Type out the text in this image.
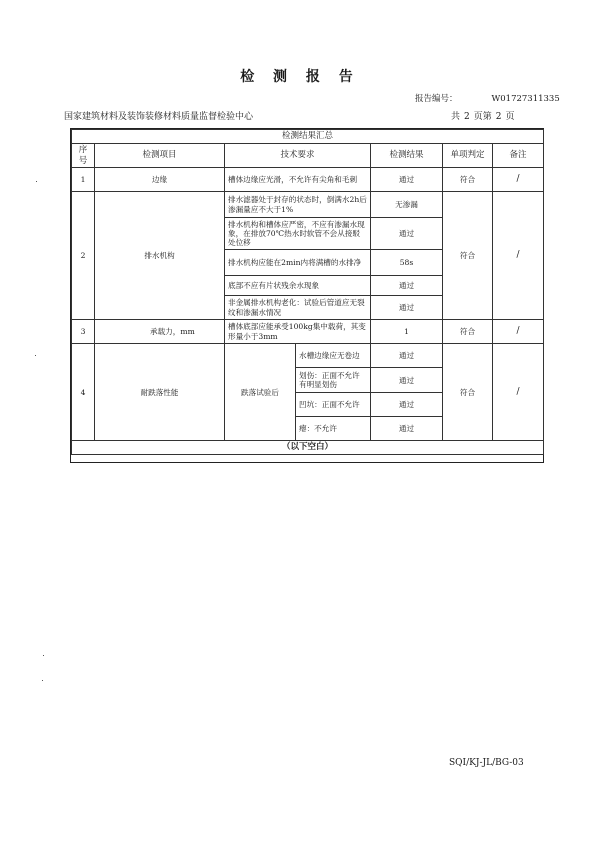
检 测 报 告
报告编号：	W01727311335
国家建筑材料及装饰装修材料质量监督检验中心	共 2 页第 2 页
检测结果汇总						
序号	检测项目	技术要求		检测结果	单项判定	备注
1	边缘	槽体边缘应光滑，不允许有尖角和毛刺		通过	符合	/
2	排水机构	排水滤器处于封存的状态时，倒满水2h后渗漏量应不大于1%		无渗漏	符合	/
		排水机构和槽体应严密，不应有渗漏水现象，在排放70℃热水时软管不会从接駁处位移		通过		
		排水机构应能在2min内将满槽的水排净		58s		
		底部不应有片状残余水现象		通过		
		非金属排水机构老化：试验后管道应无裂纹和渗漏水情况		通过		
3	承载力，mm	槽体底部应能承受100kg集中载荷，其变形量小于3mm		1	符合	/
4	耐跌落性能	跌落试验后	水槽边缘应无卷边	通过	符合	/
			划伤：正面不允许有明显划伤	通过		
			凹坑：正面不允许	通过		
			瘪：不允许	通过		
（以下空白）						
SQI/KJ-JL/BG-03
